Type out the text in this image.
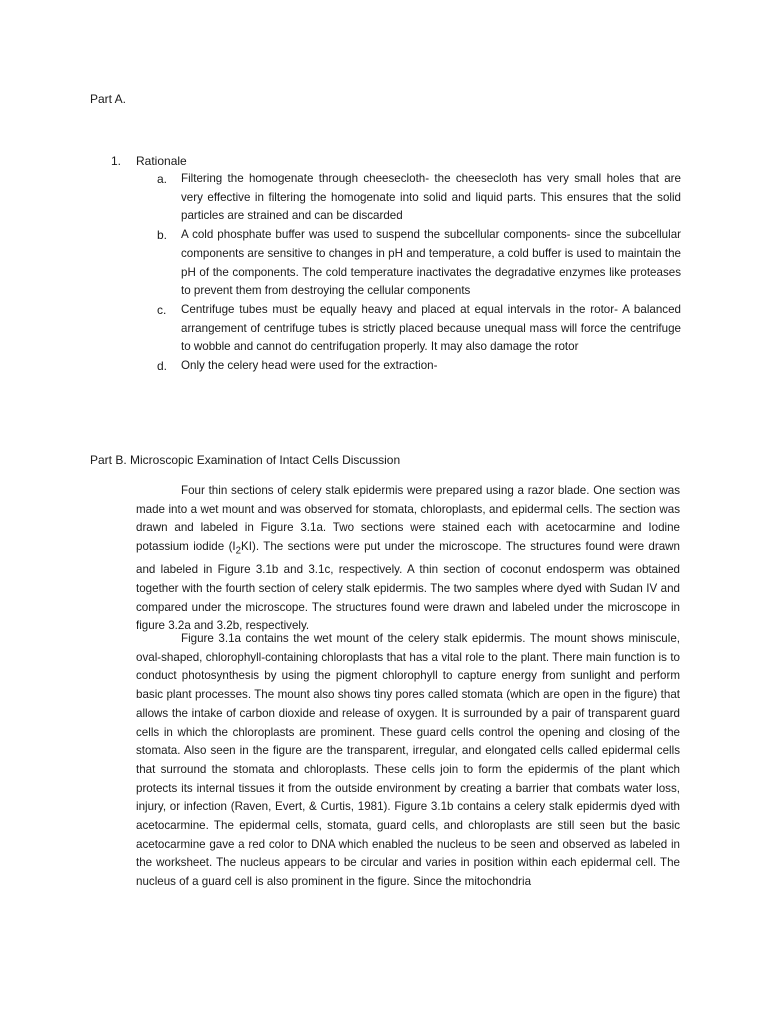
Part A.
1.	Rationale
a.	Filtering the homogenate through cheesecloth- the cheesecloth has very small holes that are very effective in filtering the homogenate into solid and liquid parts. This ensures that the solid particles are strained and can be discarded
b.	A cold phosphate buffer was used to suspend the subcellular components- since the subcellular components are sensitive to changes in pH and temperature, a cold buffer is used to maintain the pH of the components. The cold temperature inactivates the degradative enzymes like proteases to prevent them from destroying the cellular components
c.	Centrifuge tubes must be equally heavy and placed at equal intervals in the rotor- A balanced arrangement of centrifuge tubes is strictly placed because unequal mass will force the centrifuge to wobble and cannot do centrifugation properly. It may also damage the rotor
d.	Only the celery head were used for the extraction-
Part B. Microscopic Examination of Intact Cells Discussion

Four thin sections of celery stalk epidermis were prepared using a razor blade. One section was made into a wet mount and was observed for stomata, chloroplasts, and epidermal cells. The section was drawn and labeled in Figure 3.1a. Two sections were stained each with acetocarmine and Iodine potassium iodide $(I_2KI)$. The sections were put under the microscope. The structures found were drawn and labeled in Figure 3.1b and 3.1c, respectively. A thin section of coconut endosperm was obtained together with the fourth section of celery stalk epidermis. The two samples where dyed with Sudan IV and compared under the microscope. The structures found were drawn and labeled under the microscope in figure 3.2a and 3.2b, respectively.

Figure 3.1a contains the wet mount of the celery stalk epidermis. The mount shows miniscule, oval-shaped, chlorophyll-containing chloroplasts that has a vital role to the plant. There main function is to conduct photosynthesis by using the pigment chlorophyll to capture energy from sunlight and perform basic plant processes. The mount also shows tiny pores called stomata (which are open in the figure) that allows the intake of carbon dioxide and release of oxygen. It is surrounded by a pair of transparent guard cells in which the chloroplasts are prominent. These guard cells control the opening and closing of the stomata. Also seen in the figure are the transparent, irregular, and elongated cells called epidermal cells that surround the stomata and chloroplasts. These cells join to form the epidermis of the plant which protects its internal tissues it from the outside environment by creating a barrier that combats water loss, injury, or infection (Raven, Evert, & Curtis, 1981). Figure 3.1b contains a celery stalk epidermis dyed with acetocarmine. The epidermal cells, stomata, guard cells, and chloroplasts are still seen but the basic acetocarmine gave a red color to DNA which enabled the nucleus to be seen and observed as labeled in the worksheet. The nucleus appears to be circular and varies in position within each epidermal cell. The nucleus of a guard cell is also prominent in the figure. Since the mitochondria
